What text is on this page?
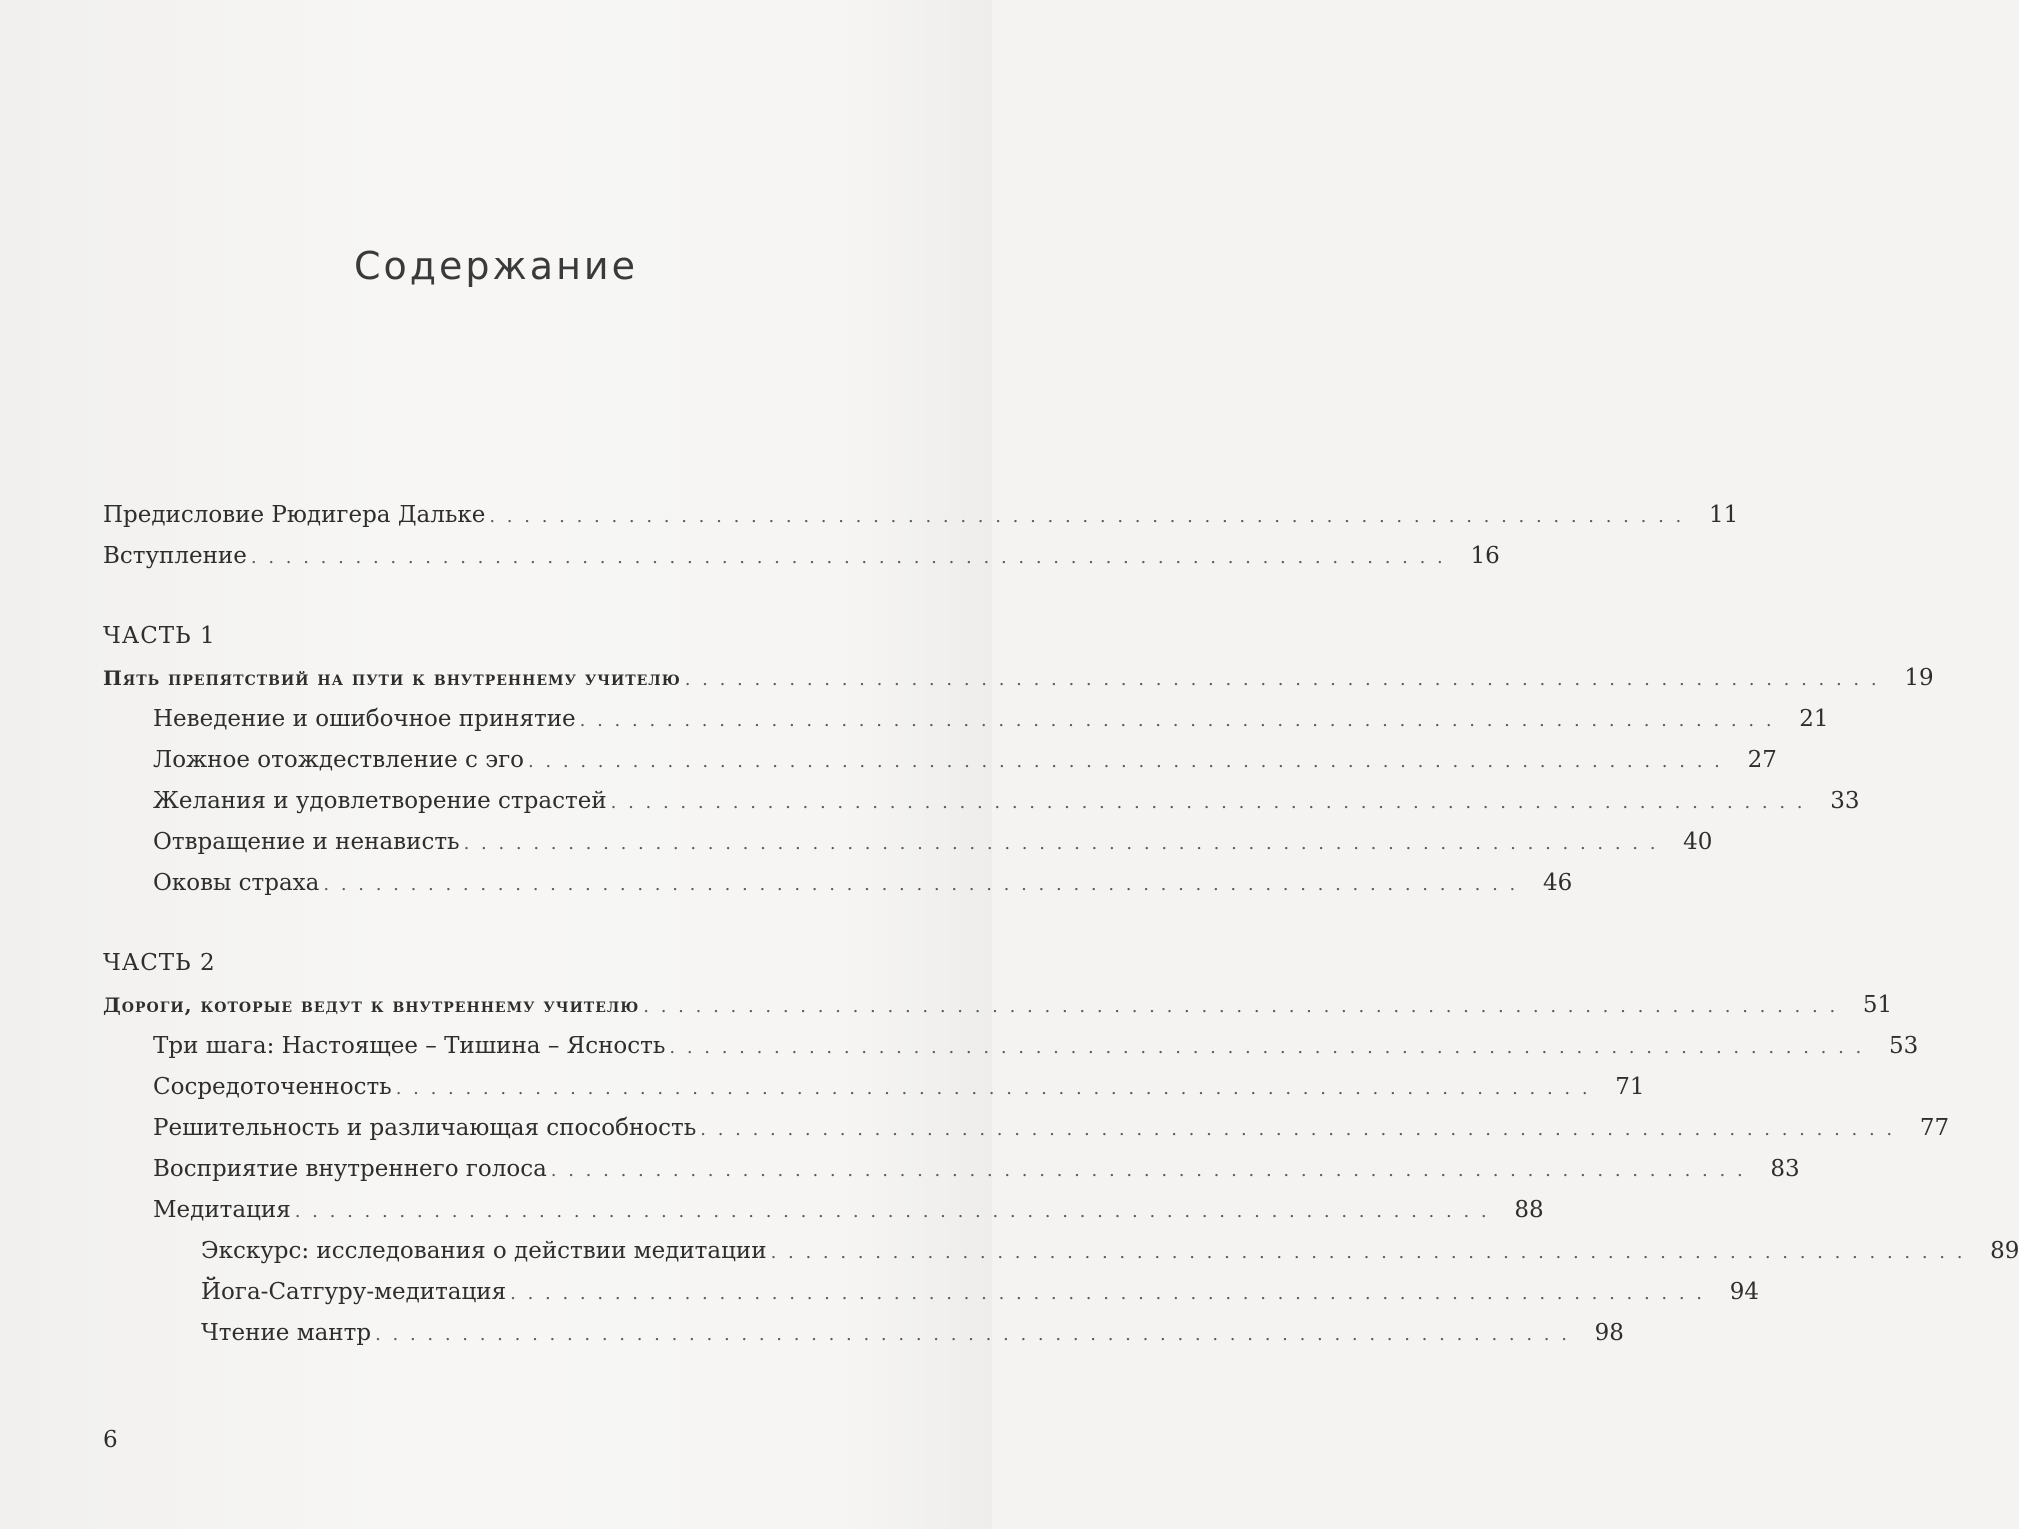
Содержание
Предисловие Рюдигера Дальке . . . . . . . . . . . . . . . . . . . . . . . . . . . . . . . . . . . . . . . . . . . . . . . . . . . . . . . . . . . . . . . . . . . . .	11
Вступление . . . . . . . . . . . . . . . . . . . . . . . . . . . . . . . . . . . . . . . . . . . . . . . . . . . . . . . . . . . . . . . . . . . . .	16
ЧАСТЬ 1
Пять препятствий на пути к внутреннему учителю . . . . . . . . . . . . . . . . . . . . . . . . . . . . . . . . . . . . . . . . . . . . . . . . . . . . . . . . . . . . . . . . . . . . .	19
Неведение и ошибочное принятие . . . . . . . . . . . . . . . . . . . . . . . . . . . . . . . . . . . . . . . . . . . . . . . . . . . . . . . . . . . . . . . . . . . . .	21
Ложное отождествление с эго . . . . . . . . . . . . . . . . . . . . . . . . . . . . . . . . . . . . . . . . . . . . . . . . . . . . . . . . . . . . . . . . . . . . .	27
Желания и удовлетворение страстей . . . . . . . . . . . . . . . . . . . . . . . . . . . . . . . . . . . . . . . . . . . . . . . . . . . . . . . . . . . . . . . . . . . . .	33
Отвращение и ненависть . . . . . . . . . . . . . . . . . . . . . . . . . . . . . . . . . . . . . . . . . . . . . . . . . . . . . . . . . . . . . . . . . . . . .	40
Оковы страха . . . . . . . . . . . . . . . . . . . . . . . . . . . . . . . . . . . . . . . . . . . . . . . . . . . . . . . . . . . . . . . . . . . . .	46
ЧАСТЬ 2
Дороги, которые ведут к внутреннему учителю . . . . . . . . . . . . . . . . . . . . . . . . . . . . . . . . . . . . . . . . . . . . . . . . . . . . . . . . . . . . . . . . . . . . .	51
Три шага: Настоящее – Тишина – Ясность . . . . . . . . . . . . . . . . . . . . . . . . . . . . . . . . . . . . . . . . . . . . . . . . . . . . . . . . . . . . . . . . . . . . .	53
Сосредоточенность . . . . . . . . . . . . . . . . . . . . . . . . . . . . . . . . . . . . . . . . . . . . . . . . . . . . . . . . . . . . . . . . . . . . .	71
Решительность и различающая способность . . . . . . . . . . . . . . . . . . . . . . . . . . . . . . . . . . . . . . . . . . . . . . . . . . . . . . . . . . . . . . . . . . . . .	77
Восприятие внутреннего голоса . . . . . . . . . . . . . . . . . . . . . . . . . . . . . . . . . . . . . . . . . . . . . . . . . . . . . . . . . . . . . . . . . . . . .	83
Медитация . . . . . . . . . . . . . . . . . . . . . . . . . . . . . . . . . . . . . . . . . . . . . . . . . . . . . . . . . . . . . . . . . . . . .	88
Экскурс: исследования о действии медитации . . . . . . . . . . . . . . . . . . . . . . . . . . . . . . . . . . . . . . . . . . . . . . . . . . . . . . . . . . . . . . . . . . . . .	89
Йога-Сатгуру-медитация . . . . . . . . . . . . . . . . . . . . . . . . . . . . . . . . . . . . . . . . . . . . . . . . . . . . . . . . . . . . . . . . . . . . .	94
Чтение мантр . . . . . . . . . . . . . . . . . . . . . . . . . . . . . . . . . . . . . . . . . . . . . . . . . . . . . . . . . . . . . . . . . . . . .	98
6
